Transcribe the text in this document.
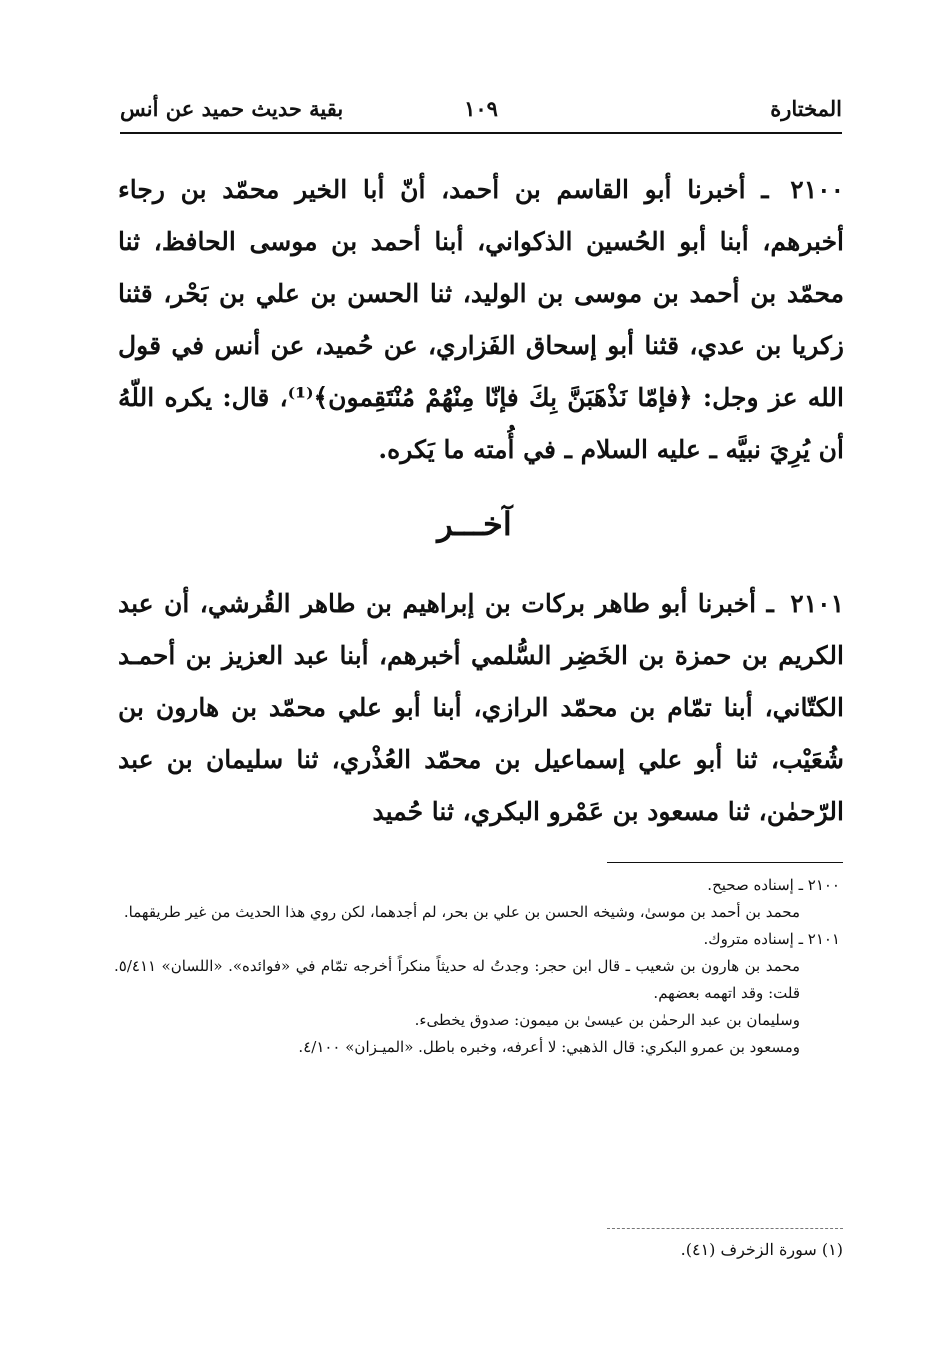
المختارة
١٠٩
بقية حديث حميد عن أنس
٢١٠٠ ـ أخبرنا أبو القاسم بن أحمد، أنّ أبا الخير محمّد بن رجاء أخبرهم، أبنا أبو الحُسين الذكواني، أبنا أحمد بن موسى الحافظ، ثنا محمّد بن أحمد بن موسى بن الوليد، ثنا الحسن بن علي بن بَحْر، قثنا زكريا بن عدي، قثنا أبو إسحاق الفَزاري، عن حُميد، عن أنس في قول الله عز وجل: ﴿فإمّا نَذْهَبَنَّ بِكَ فإنّا مِنْهُمْ مُنْتَقِمون﴾⁽¹⁾، قال: يكره اللّهُ أن يُرِيَ نبيَّه ـ عليه السلام ـ في أُمته ما يَكره.
آخـــر
٢١٠١ ـ أخبرنا أبو طاهر بركات بن إبراهيم بن طاهر القُرشي، أن عبد الكريم بن حمزة بن الخَضِر السُّلمي أخبرهم، أبنا عبد العزيز بن أحمـد الكتّاني، أبنا تمّام بن محمّد الرازي، أبنا أبو علي محمّد بن هارون بن شُعَيْب، ثنا أبو علي إسماعيل بن محمّد العُذْري، ثنا سليمان بن عبد الرّحمٰن، ثنا مسعود بن عَمْرو البكري، ثنا حُميد
٢١٠٠ ـ إسناده صحيح.
محمد بن أحمد بن موسىٰ، وشيخه الحسن بن علي بن بحر، لم أجدهما، لكن روي هذا الحديث من غير طريقهما.
٢١٠١ ـ إسناده متروك.
محمد بن هارون بن شعيب ـ قال ابن حجر: وجدتُ له حديثاً منكراً أخرجه تمّام في «فوائده». «اللسان» ٥/٤١١. قلت: وقد اتهمه بعضهم.
وسليمان بن عبد الرحمٰن بن عيسىٰ بن ميمون: صدوق يخطىء.
ومسعود بن عمرو البكري: قال الذهبي: لا أعرفه، وخبره باطل. «الميـزان» ٤/١٠٠.
(١) سورة الزخرف (٤١).
